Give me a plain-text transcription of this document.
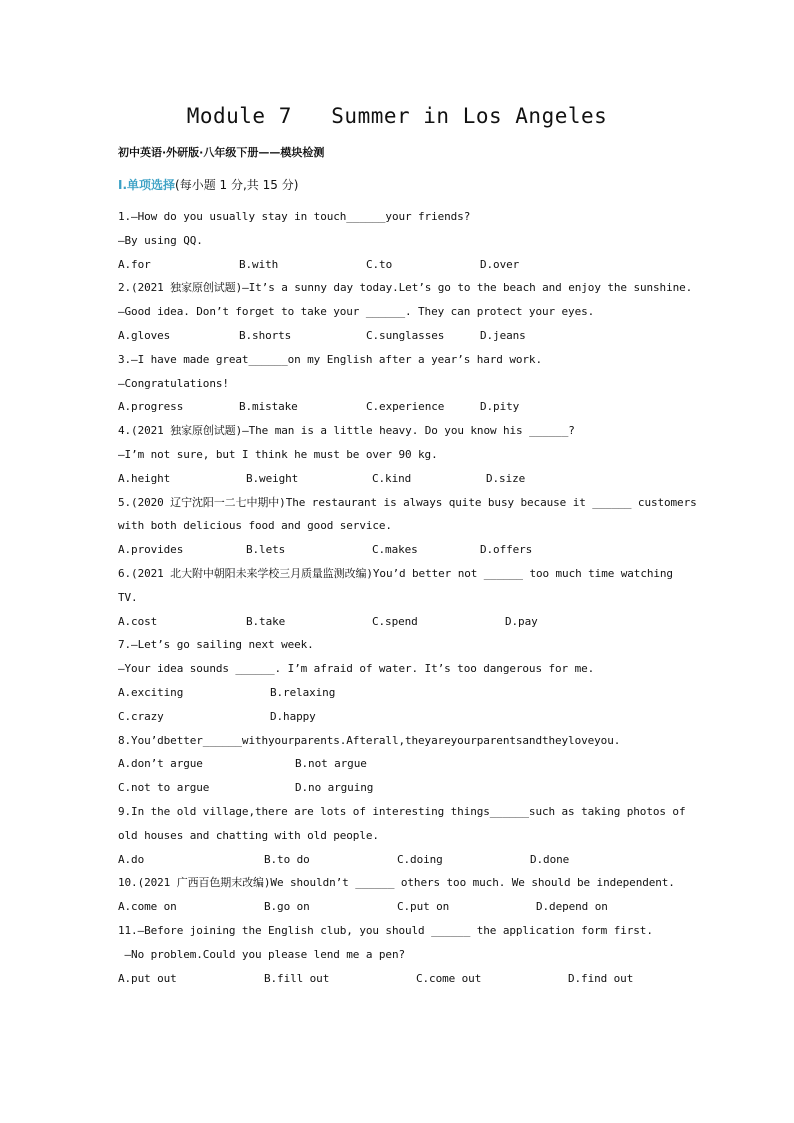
Module 7   Summer in Los Angeles
初中英语·外研版·八年级下册——模块检测
Ⅰ.单项选择(每小题 1 分,共 15 分)
1.—How do you usually stay in touch______your friends?
—By using QQ.
A.for	B.with	C.to	D.over
2.(2021 独家原创试题)—It’s a sunny day today.Let’s go to the beach and enjoy the sunshine.
—Good idea. Don’t forget to take your ______. They can protect your eyes.
A.gloves	B.shorts	C.sunglasses	D.jeans
3.—I have made great______on my English after a year’s hard work.
—Congratulations!
A.progress	B.mistake	C.experience	D.pity
4.(2021 独家原创试题)—The man is a little heavy. Do you know his ______?
—I’m not sure, but I think he must be over 90 kg.
A.height	B.weight	C.kind	D.size
5.(2020 辽宁沈阳一二七中期中)The restaurant is always quite busy because it ______ customers
with both delicious food and good service.
A.provides	B.lets	C.makes	D.offers
6.(2021 北大附中朝阳未来学校三月质量监测改编)You’d better not ______ too much time watching
TV.
A.cost	B.take	C.spend	D.pay
7.—Let’s go sailing next week.
—Your idea sounds ______. I’m afraid of water. It’s too dangerous for me.
A.exciting	B.relaxing
C.crazy	D.happy
8.You’dbetter______withyourparents.Afterall,theyareyourparentsandtheyloveyou.
A.don’t argue	B.not argue
C.not to argue	D.no arguing
9.In the old village,there are lots of interesting things______such as taking photos of
old houses and chatting with old people.
A.do	B.to do	C.doing	D.done
10.(2021 广西百色期末改编)We shouldn’t ______ others too much. We should be independent.
A.come on	B.go on	C.put on	D.depend on
11.—Before joining the English club, you should ______ the application form first.
—No problem.Could you please lend me a pen?
A.put out	B.fill out	C.come out	D.find out
